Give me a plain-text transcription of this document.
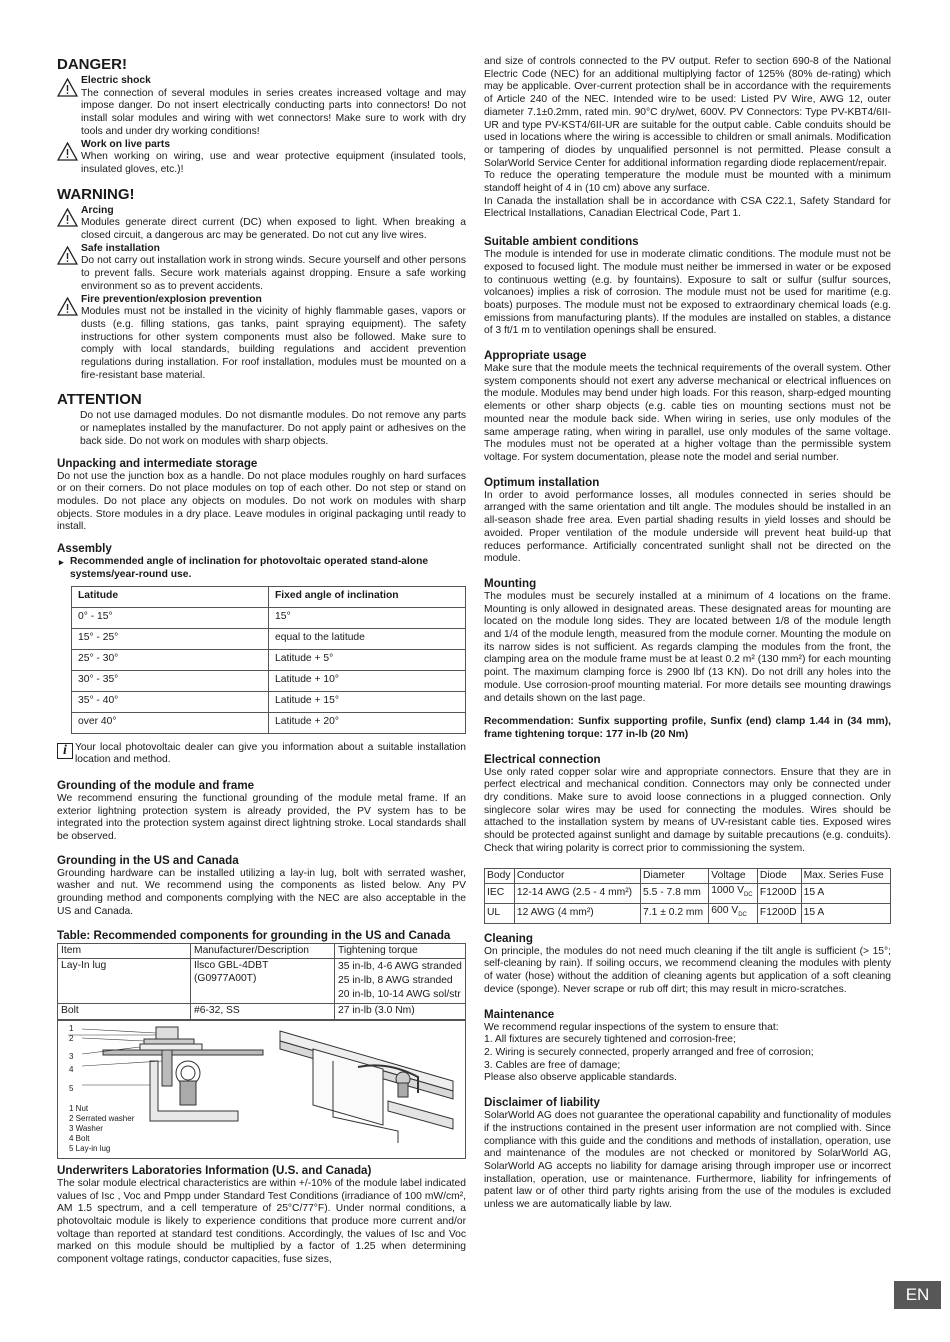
DANGER!
Electric shock

The connection of several modules in series creates increased voltage and may impose danger. Do not insert electrically conducting parts into connectors! Do not install solar modules and wiring with wet connectors! Make sure to work with dry tools and under dry working conditions!

Work on live parts

When working on wiring, use and wear protective equipment (insulated tools, insulated gloves, etc.)!

WARNING!
Arcing

Modules generate direct current (DC) when exposed to light. When breaking a closed circuit, a dangerous arc may be generated. Do not cut any live wires.

Safe installation

Do not carry out installation work in strong winds. Secure yourself and other persons to prevent falls. Secure work materials against dropping. Ensure a safe working environment so as to prevent accidents.

Fire prevention/explosion prevention

Modules must not be installed in the vicinity of highly flammable gases, vapors or dusts (e.g. filling stations, gas tanks, paint spraying equipment). The safety instructions for other system components must also be followed. Make sure to comply with local standards, building regulations and accident prevention regulations during installation. For roof installation, modules must be mounted on a fire-resistant base material.

ATTENTION

Do not use damaged modules. Do not dismantle modules. Do not remove any parts or nameplates installed by the manufacturer. Do not apply paint or adhesives on the back side. Do not work on modules with sharp objects.

Unpacking and intermediate storage

Do not use the junction box as a handle. Do not place modules roughly on hard surfaces or on their corners. Do not place modules on top of each other. Do not step or stand on modules. Do not place any objects on modules. Do not work on modules with sharp objects. Store modules in a dry place. Leave modules in original packaging until ready to install.

Assembly
▸ Recommended angle of inclination for photovoltaic operated stand-alone systems/year-round use.
Latitude	Fixed angle of inclination
0° - 15°	15°
15° - 25°	equal to the latitude
25° - 30°	Latitude + 5°
30° - 35°	Latitude + 10°
35° - 40°	Latitude + 15°
over 40°	Latitude + 20°
i Your local photovoltaic dealer can give you information about a suitable installation location and method.

Grounding of the module and frame

We recommend ensuring the functional grounding of the module metal frame. If an exterior lightning protection system is already provided, the PV system has to be integrated into the protection system against direct lightning stroke. Local standards shall be observed.

Grounding in the US and Canada

Grounding hardware can be installed utilizing a lay-in lug, bolt with serrated washer, washer and nut. We recommend using the components as listed below. Any PV grounding method and components complying with the NEC are also acceptable in the US and Canada.

Table: Recommended components for grounding in the US and Canada
Item	Manufacturer/Description	Tightening torque
Lay-In lug	Ilsco GBL-4DBT (G0977A00T)	35 in-lb, 4-6 AWG stranded
25 in-lb, 8 AWG stranded
20 in-lb, 10-14 AWG sol/str

Bolt	#6-32, SS	27 in-lb (3.0 Nm)
1
2
3
4
5
1 Nut
2 Serrated washer
3 Washer
4 Bolt
5 Lay-in lug
Underwriters Laboratories Information (U.S. and Canada)

The solar module electrical characteristics are within +/-10% of the module label indicated values of Isc , Voc and Pmpp under Standard Test Conditions (irradiance of 100 mW/cm², AM 1.5 spectrum, and a cell temperature of 25°C/77°F). Under normal conditions, a photovoltaic module is likely to experience conditions that produce more current and/or voltage than reported at standard test conditions. Accordingly, the values of Isc and Voc marked on this module should be multiplied by a factor of 1.25 when determining component voltage ratings, conductor capacities, fuse sizes,

and size of controls connected to the PV output. Refer to section 690-8 of the National Electric Code (NEC) for an additional multiplying factor of 125% (80% de-rating) which may be applicable. Over-current protection shall be in accordance with the requirements of Article 240 of the NEC. Intended wire to be used: Listed PV Wire, AWG 12, outer diameter 7.1±0.2mm, rated min. 90°C dry/wet, 600V. PV Connectors: Type PV-KBT4/6II-UR and type PV-KST4/6II-UR are suitable for the output cable. Cable conduits should be used in locations where the wiring is accessible to children or small animals. Modification or tampering of diodes by unqualified personnel is not permitted. Please consult a SolarWorld Service Center for additional information regarding diode replacement/repair.

To reduce the operating temperature the module must be mounted with a minimum standoff height of 4 in (10 cm) above any surface.

In Canada the installation shall be in accordance with CSA C22.1, Safety Standard for Electrical Installations, Canadian Electrical Code, Part 1.

Suitable ambient conditions

The module is intended for use in moderate climatic conditions. The module must not be exposed to focused light. The module must neither be immersed in water or be exposed to continuous wetting (e.g. by fountains). Exposure to salt or sulfur (sulfur sources, volcanoes) implies a risk of corrosion. The module must not be used for maritime (e.g. boats) purposes. The module must not be exposed to extraordinary chemical loads (e.g. emissions from manufacturing plants). If the modules are installed on stables, a distance of 3 ft/1 m to ventilation openings shall be ensured.

Appropriate usage

Make sure that the module meets the technical requirements of the overall system. Other system components should not exert any adverse mechanical or electrical influences on the module. Modules may bend under high loads. For this reason, sharp-edged mounting elements or other sharp objects (e.g. cable ties on mounting sections must not be mounted near the module back side. When wiring in series, use only modules of the same amperage rating, when wiring in parallel, use only modules of the same voltage. The modules must not be operated at a higher voltage than the permissible system voltage. For system documentation, please note the model and serial number.

Optimum installation

In order to avoid performance losses, all modules connected in series should be arranged with the same orientation and tilt angle. The modules should be installed in an all-season shade free area. Even partial shading results in yield losses and should be avoided. Proper ventilation of the module underside will prevent heat build-up that reduces performance. Artificially concentrated sunlight shall not be directed on the module.

Mounting

The modules must be securely installed at a minimum of 4 locations on the frame. Mounting is only allowed in designated areas. These designated areas for mounting are located on the module long sides. They are located between 1/8 of the module length and 1/4 of the module length, measured from the module corner. Mounting the module on its narrow sides is not sufficient. As regards clamping the modules from the front, the clamping area on the module frame must be at least 0.2 m² (130 mm²) for each mounting point. The maximum clamping force is 2900 lbf (13 KN). Do not drill any holes into the module. Use corrosion-proof mounting material. For more details see mounting drawings and details shown on the last page.

Recommendation: Sunfix supporting profile, Sunfix (end) clamp 1.44 in (34 mm), frame tightening torque: 177 in-lb (20 Nm)

Electrical connection

Use only rated copper solar wire and appropriate connectors. Ensure that they are in perfect electrical and mechanical condition. Connectors may only be connected under dry conditions. Make sure to avoid loose connections in a plugged connection. Only singlecore solar wires may be used for connecting the modules. Wires should be attached to the installation system by means of UV-resistant cable ties. Exposed wires should be protected against sunlight and damage by suitable precautions (e.g. conduits). Check that wiring polarity is correct prior to commissioning the system.

Body	Conductor	Diameter	Voltage	Diode	Max. Series Fuse
IEC	12-14 AWG (2.5 - 4 mm²)	5.5 - 7.8 mm	1000 $V_{DC}$	F1200D	15 A
UL	12 AWG (4 mm²)	7.1 ± 0.2 mm	600 $V_{DC}$	F1200D	15 A
Cleaning

On principle, the modules do not need much cleaning if the tilt angle is sufficient (> 15°; self-cleaning by rain). If soiling occurs, we recommend cleaning the modules with plenty of water (hose) without the addition of cleaning agents but application of a soft cleaning device (sponge). Never scrape or rub off dirt; this may result in micro-scratches.

Maintenance
We recommend regular inspections of the system to ensure that:
1. All fixtures are securely tightened and corrosion-free;
2. Wiring is securely connected, properly arranged and free of corrosion;
3. Cables are free of damage;
Please also observe applicable standards.
Disclaimer of liability

SolarWorld AG does not guarantee the operational capability and functionality of modules if the instructions contained in the present user information are not complied with. Since compliance with this guide and the conditions and methods of installation, operation, use and maintenance of the modules are not checked or monitored by SolarWorld AG, SolarWorld AG accepts no liability for damage arising through improper use or incorrect installation, operation, use or maintenance. Furthermore, liability for infringements of patent law or of other third party rights arising from the use of the modules is excluded unless we are automatically liable by law.

EN
